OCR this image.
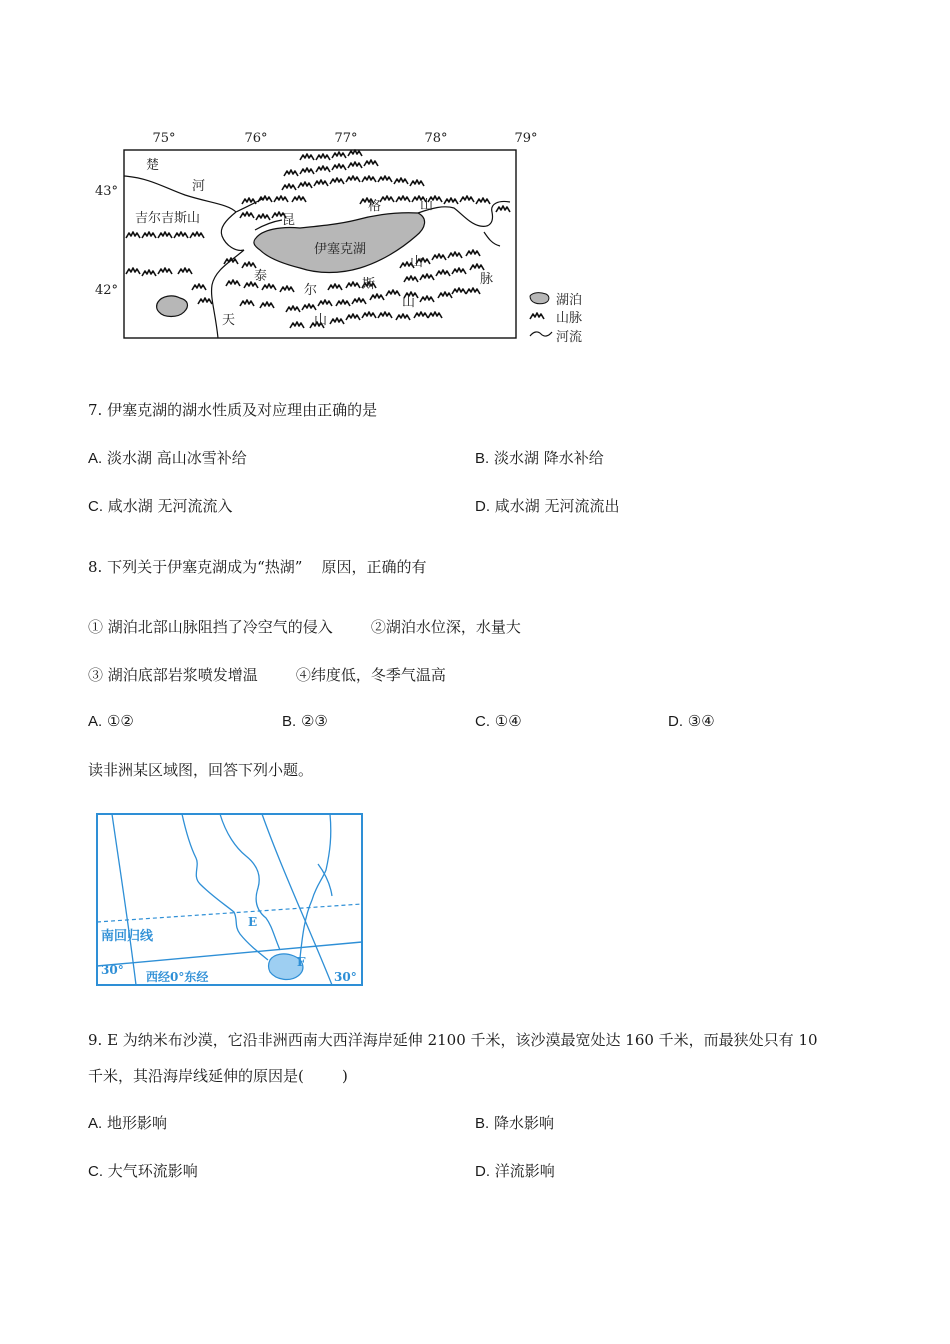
75°	76°	77°	78°	79°
43°
42°
楚
河
吉尔吉斯山	昆
格	山
伊塞克湖
山
脉
泰
尔	斯
山
天	山
湖泊
山脉
河流
7. 伊塞克湖的湖水性质及对应理由正确的是
A. 淡水湖 高山冰雪补给	B. 淡水湖 降水补给
C. 咸水湖 无河流流入	D. 咸水湖 无河流流出
8. 下列关于伊塞克湖成为“热湖”    原因，正确的有
① 湖泊北部山脉阻挡了冷空气的侵入        ②湖泊水位深，水量大
③ 湖泊底部岩浆喷发增温        ④纬度低，冬季气温高
A. ①②	B. ②③	C. ①④	D. ③④
读非洲某区域图，回答下列小题。
南回归线
30° 西经0°东经	30°
E
F
9. E 为纳米布沙漠，它沿非洲西南大西洋海岸延伸 2100 千米，该沙漠最宽处达 160 千米，而最狭处只有 10
千米，其沿海岸线延伸的原因是(        )
A. 地形影响	B. 降水影响
C. 大气环流影响	D. 洋流影响
